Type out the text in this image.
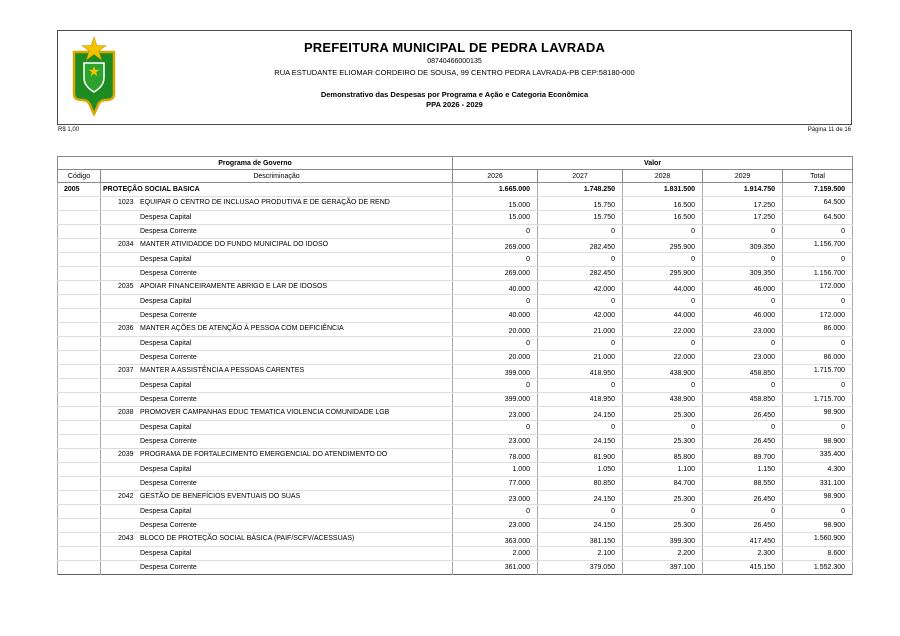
PREFEITURA MUNICIPAL DE PEDRA LAVRADA
08740466000135
RUA ESTUDANTE ELIOMAR CORDEIRO DE SOUSA, 99 CENTRO PEDRA LAVRADA-PB CEP:58180-000
Demonstrativo das Despesas por Programa e Ação e Categoria Econômica
PPA 2026 - 2029
R$ 1,00	Página 11 de 16
Programa de Governo		Valor				
Código	Descriminação	2026	2027	2028	2029	Total
2005	PROTEÇÃO SOCIAL BASICA	1.665.000	1.748.250	1.831.500	1.914.750	7.159.500
	1023 EQUIPAR O CENTRO DE INCLUSAO PRODUTIVA E DE GERAÇÃO DE REND	15.000	15.750	16.500	17.250	64.500
	Despesa Capital	15.000	15.750	16.500	17.250	64.500
	Despesa Corrente	0	0	0	0	0
	2034 MANTER ATIVIDADDE DO FUNDO MUNICIPAL DO IDOSO	269.000	282.450	295.900	309.350	1.156.700
	Despesa Capital	0	0	0	0	0
	Despesa Corrente	269.000	282.450	295.900	309.350	1.156.700
	2035 APOIAR FINANCEIRAMENTE ABRIGO E LAR DE IDOSOS	40.000	42.000	44.000	46.000	172.000
	Despesa Capital	0	0	0	0	0
	Despesa Corrente	40.000	42.000	44.000	46.000	172.000
	2036 MANTER AÇÕES DE ATENÇÃO À PESSOA COM DEFICIÊNCIA	20.000	21.000	22.000	23.000	86.000
	Despesa Capital	0	0	0	0	0
	Despesa Corrente	20.000	21.000	22.000	23.000	86.000
	2037 MANTER A ASSISTÊNCIA A PESSOAS CARENTES	399.000	418.950	438.900	458.850	1.715.700
	Despesa Capital	0	0	0	0	0
	Despesa Corrente	399.000	418.950	438.900	458.850	1.715.700
	2038 PROMOVER CAMPANHAS EDUC TEMATICA VIOLENCIA COMUNIDADE LGB	23.000	24.150	25.300	26.450	98.900
	Despesa Capital	0	0	0	0	0
	Despesa Corrente	23.000	24.150	25.300	26.450	98.900
	2039 PROGRAMA DE FORTALECIMENTO EMERGENCIAL DO ATENDIMENTO DO	78.000	81.900	85.800	89.700	335.400
	Despesa Capital	1.000	1.050	1.100	1.150	4.300
	Despesa Corrente	77.000	80.850	84.700	88.550	331.100
	2042 GESTÃO DE BENEFÍCIOS EVENTUAIS DO SUAS	23.000	24.150	25.300	26.450	98.900
	Despesa Capital	0	0	0	0	0
	Despesa Corrente	23.000	24.150	25.300	26.450	98.900
	2043 BLOCO DE PROTEÇÃO SOCIAL BÁSICA (PAIF/SCFV/ACESSUAS)	363.000	381.150	399.300	417.450	1.560.900
	Despesa Capital	2.000	2.100	2.200	2.300	8.600
	Despesa Corrente	361.000	379.050	397.100	415.150	1.552.300
